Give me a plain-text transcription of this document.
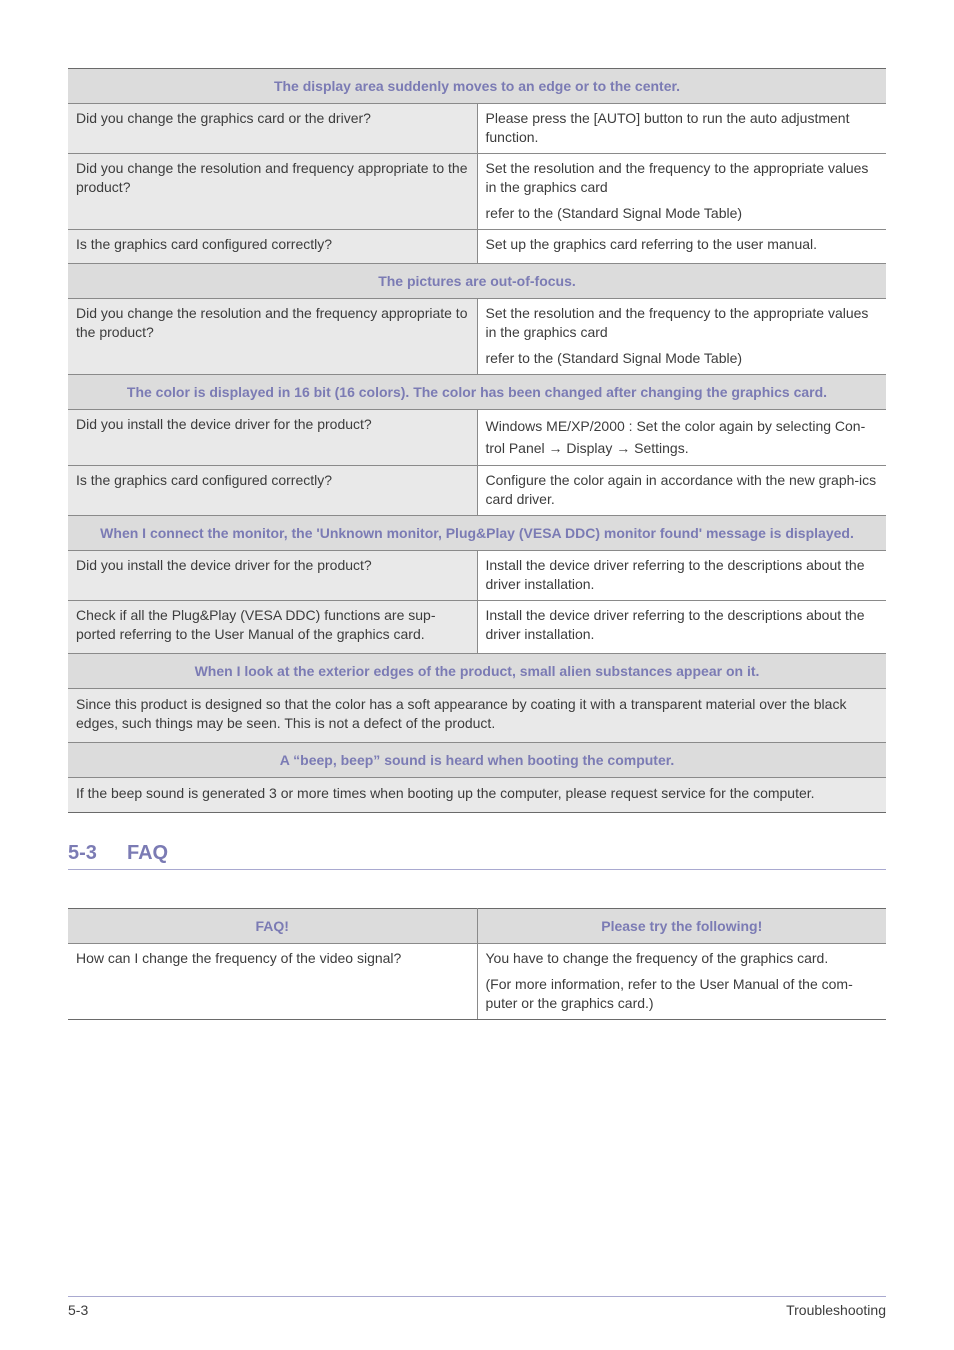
The display area suddenly moves to an edge or to the center.	
Did you change the graphics card or the driver?	Please press the [AUTO] button to run the auto adjustment function.

Did you change the resolution and frequency appropriate to the product?	Set the resolution and the frequency to the appropriate values in the graphics card

refer to the (Standard Signal Mode Table)

Is the graphics card configured correctly?	Set up the graphics card referring to the user manual.

The pictures are out-of-focus.	
Did you change the resolution and the frequency appropriate to the product?	Set the resolution and the frequency to the appropriate values in the graphics card

refer to the (Standard Signal Mode Table)

The color is displayed in 16 bit (16 colors). The color has been changed after changing the graphics card.	
Did you install the device driver for the product?	Windows ME/XP/2000 : Set the color again by selecting Con-trol Panel → Display → Settings.

Is the graphics card configured correctly?	Configure the color again in accordance with the new graph-ics card driver.

When I connect the monitor, the 'Unknown monitor, Plug&Play (VESA DDC) monitor found' message is displayed.	
Did you install the device driver for the product?	Install the device driver referring to the descriptions about the driver installation.

Check if all the Plug&Play (VESA DDC) functions are sup-ported referring to the User Manual of the graphics card.	Install the device driver referring to the descriptions about the driver installation.

When I look at the exterior edges of the product, small alien substances appear on it.	
Since this product is designed so that the color has a soft appearance by coating it with a transparent material over the black edges, such things may be seen. This is not a defect of the product.	
A “beep, beep” sound is heard when booting the computer.	
If the beep sound is generated 3 or more times when booting up the computer, please request service for the computer.	
5-3 FAQ
FAQ!	Please try the following!
How can I change the frequency of the video signal?	You have to change the frequency of the graphics card.

(For more information, refer to the User Manual of the com-puter or the graphics card.)

5-3	Troubleshooting
